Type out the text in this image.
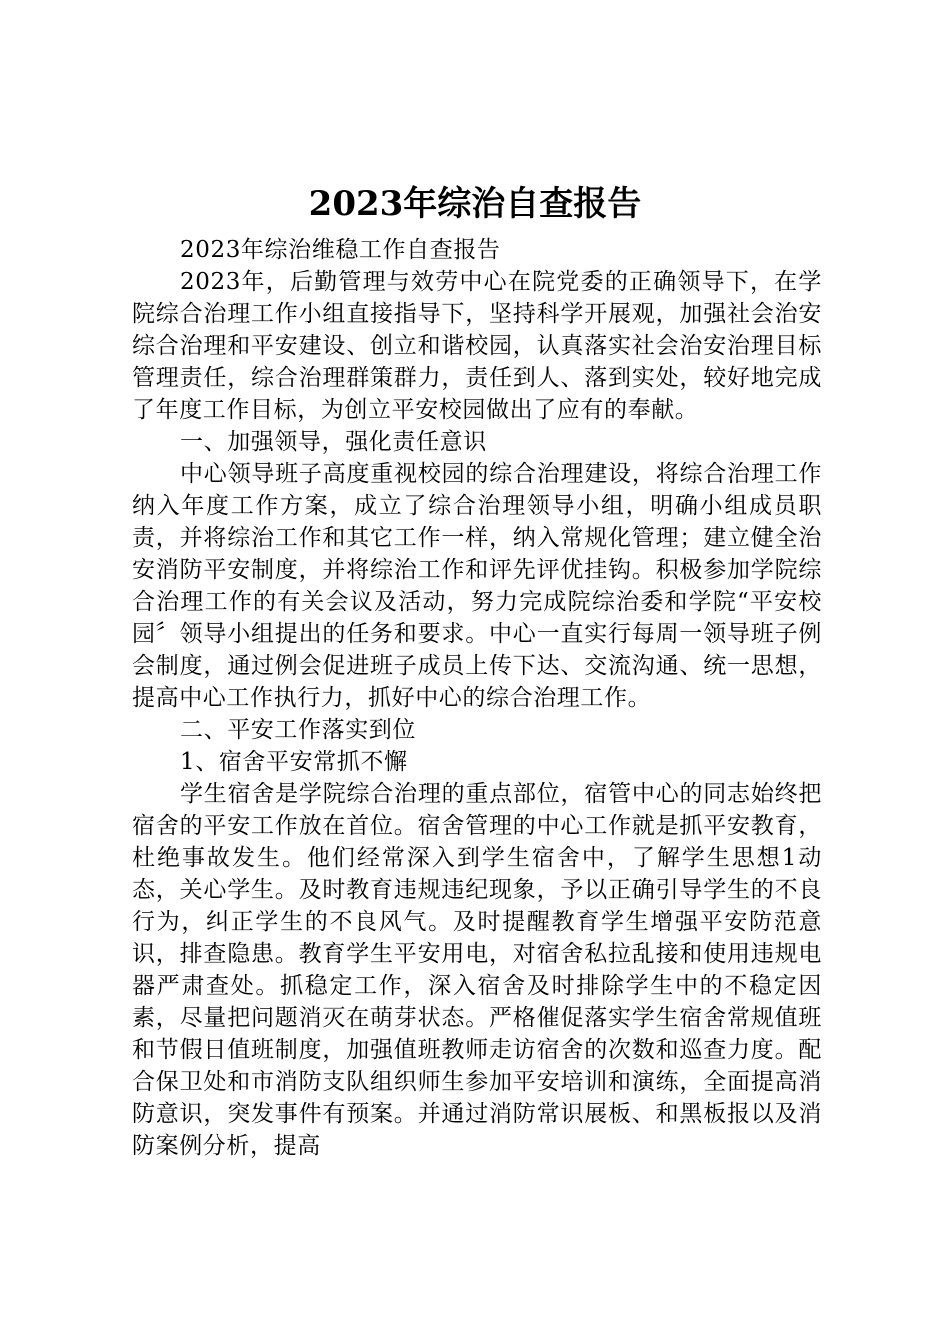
2023年综治自查报告

2023年综治维稳工作自查报告

2023年，后勤管理与效劳中心在院党委的正确领导下，在学院综合治理工作小组直接指导下，坚持科学开展观，加强社会治安综合治理和平安建设、创立和谐校园，认真落实社会治安治理目标管理责任，综合治理群策群力，责任到人、落到实处，较好地完成了年度工作目标，为创立平安校园做出了应有的奉献。

一、加强领导，强化责任意识

中心领导班子高度重视校园的综合治理建设，将综合治理工作纳入年度工作方案，成立了综合治理领导小组，明确小组成员职责，并将综治工作和其它工作一样，纳入常规化管理；建立健全治安消防平安制度，并将综治工作和评先评优挂钩。积极参加学院综合治理工作的有关会议及活动，努力完成院综治委和学院“平安校园〞领导小组提出的任务和要求。中心一直实行每周一领导班子例会制度，通过例会促进班子成员上传下达、交流沟通、统一思想，提高中心工作执行力，抓好中心的综合治理工作。

二、平安工作落实到位

1、宿舍平安常抓不懈

学生宿舍是学院综合治理的重点部位，宿管中心的同志始终把宿舍的平安工作放在首位。宿舍管理的中心工作就是抓平安教育，杜绝事故发生。他们经常深入到学生宿舍中，了解学生思想1动态，关心学生。及时教育违规违纪现象，予以正确引导学生的不良行为，纠正学生的不良风气。及时提醒教育学生增强平安防范意识，排查隐患。教育学生平安用电，对宿舍私拉乱接和使用违规电器严肃查处。抓稳定工作，深入宿舍及时排除学生中的不稳定因素，尽量把问题消灭在萌芽状态。严格催促落实学生宿舍常规值班和节假日值班制度，加强值班教师走访宿舍的次数和巡查力度。配合保卫处和市消防支队组织师生参加平安培训和演练，全面提高消防意识，突发事件有预案。并通过消防常识展板、和黑板报以及消防案例分析，提高
